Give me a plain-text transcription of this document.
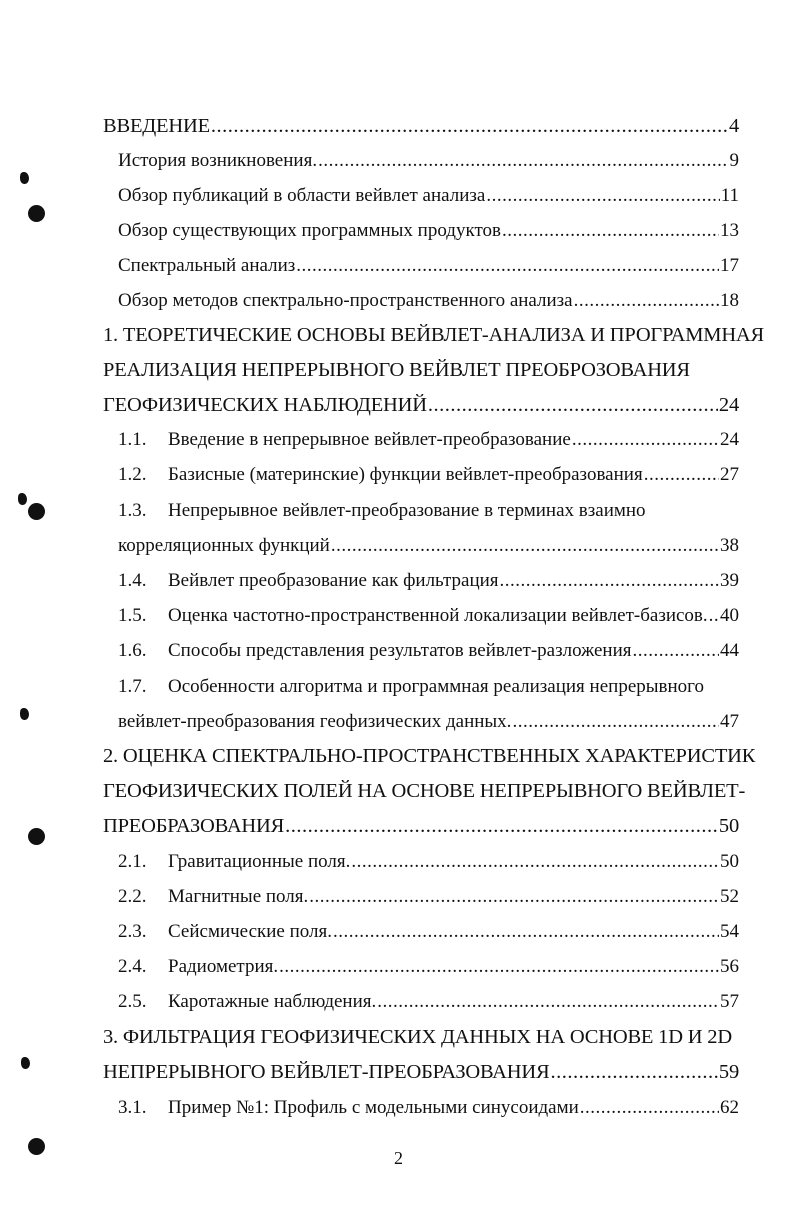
ВВЕДЕНИЕ .....	4
История возникновения. .....	9
Обзор публикаций в области вейвлет анализа .....	11
Обзор существующих программных продуктов .....	13
Спектральный анализ .....	17
Обзор методов спектрально-пространственного анализа .....	18
1. ТЕОРЕТИЧЕСКИЕ ОСНОВЫ ВЕЙВЛЕТ-АНАЛИЗА И ПРОГРАММНАЯ
РЕАЛИЗАЦИЯ НЕПРЕРЫВНОГО ВЕЙВЛЕТ ПРЕОБРОЗОВАНИЯ
ГЕОФИЗИЧЕСКИХ НАБЛЮДЕНИЙ .....	24
1.1.	Введение в непрерывное вейвлет-преобразование .....	24
1.2.	Базисные (материнские) функции вейвлет-преобразования .....	27
1.3.	Непрерывное вейвлет-преобразование в терминах взаимно
корреляционных функций .....	38
1.4.	Вейвлет преобразование как фильтрация .....	39
1.5.	Оценка частотно-пространственной локализации вейвлет-базисов. ..... 40
1.6.	Способы представления результатов вейвлет-разложения .....	44
1.7.	Особенности алгоритма и программная реализация непрерывного
вейвлет-преобразования геофизических данных. .....	47
2. ОЦЕНКА СПЕКТРАЛЬНО-ПРОСТРАНСТВЕННЫХ ХАРАКТЕРИСТИК
ГЕОФИЗИЧЕСКИХ ПОЛЕЙ НА ОСНОВЕ НЕПРЕРЫВНОГО ВЕЙВЛЕТ-
ПРЕОБРАЗОВАНИЯ .....	50
2.1.	Гравитационные поля. .....	50
2.2.	Магнитные поля. .....	52
2.3.	Сейсмические поля. .....	54
2.4.	Радиометрия. .....	56
2.5.	Каротажные наблюдения. .....	57
3. ФИЛЬТРАЦИЯ ГЕОФИЗИЧЕСКИХ ДАННЫХ НА ОСНОВЕ 1D И 2D
НЕПРЕРЫВНОГО ВЕЙВЛЕТ-ПРЕОБРАЗОВАНИЯ .....	59
3.1.	Пример №1: Профиль с модельными синусоидами .....	62
2
